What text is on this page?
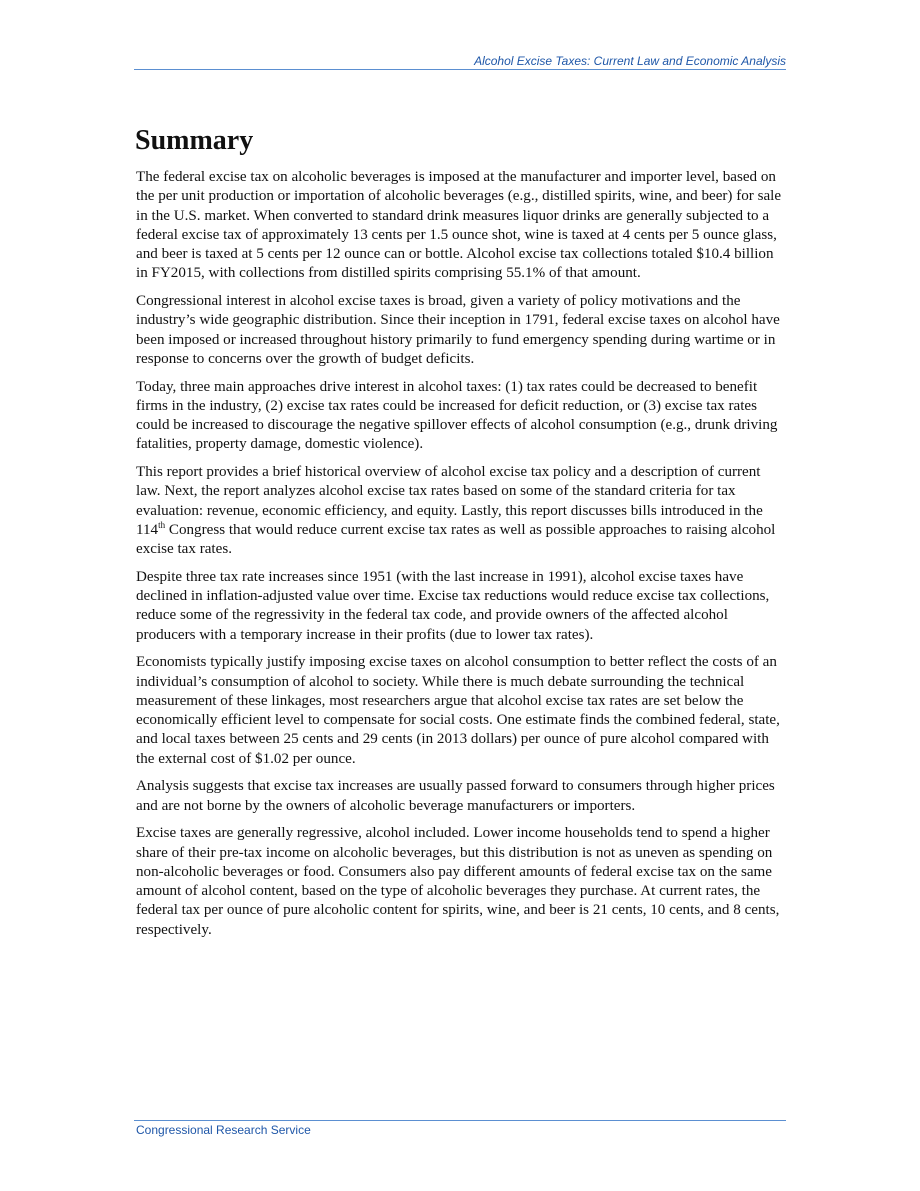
Alcohol Excise Taxes: Current Law and Economic Analysis
Summary

The federal excise tax on alcoholic beverages is imposed at the manufacturer and importer level, based on the per unit production or importation of alcoholic beverages (e.g., distilled spirits, wine, and beer) for sale in the U.S. market. When converted to standard drink measures liquor drinks are generally subjected to a federal excise tax of approximately 13 cents per 1.5 ounce shot, wine is taxed at 4 cents per 5 ounce glass, and beer is taxed at 5 cents per 12 ounce can or bottle. Alcohol excise tax collections totaled $10.4 billion in FY2015, with collections from distilled spirits comprising 55.1% of that amount.

Congressional interest in alcohol excise taxes is broad, given a variety of policy motivations and the industry’s wide geographic distribution. Since their inception in 1791, federal excise taxes on alcohol have been imposed or increased throughout history primarily to fund emergency spending during wartime or in response to concerns over the growth of budget deficits.

Today, three main approaches drive interest in alcohol taxes: (1) tax rates could be decreased to benefit firms in the industry, (2) excise tax rates could be increased for deficit reduction, or (3) excise tax rates could be increased to discourage the negative spillover effects of alcohol consumption (e.g., drunk driving fatalities, property damage, domestic violence).

This report provides a brief historical overview of alcohol excise tax policy and a description of current law. Next, the report analyzes alcohol excise tax rates based on some of the standard criteria for tax evaluation: revenue, economic efficiency, and equity. Lastly, this report discusses bills introduced in the 114th Congress that would reduce current excise tax rates as well as possible approaches to raising alcohol excise tax rates.

Despite three tax rate increases since 1951 (with the last increase in 1991), alcohol excise taxes have declined in inflation-adjusted value over time. Excise tax reductions would reduce excise tax collections, reduce some of the regressivity in the federal tax code, and provide owners of the affected alcohol producers with a temporary increase in their profits (due to lower tax rates).

Economists typically justify imposing excise taxes on alcohol consumption to better reflect the costs of an individual’s consumption of alcohol to society. While there is much debate surrounding the technical measurement of these linkages, most researchers argue that alcohol excise tax rates are set below the economically efficient level to compensate for social costs. One estimate finds the combined federal, state, and local taxes between 25 cents and 29 cents (in 2013 dollars) per ounce of pure alcohol compared with the external cost of $1.02 per ounce.

Analysis suggests that excise tax increases are usually passed forward to consumers through higher prices and are not borne by the owners of alcoholic beverage manufacturers or importers.

Excise taxes are generally regressive, alcohol included. Lower income households tend to spend a higher share of their pre-tax income on alcoholic beverages, but this distribution is not as uneven as spending on non-alcoholic beverages or food. Consumers also pay different amounts of federal excise tax on the same amount of alcohol content, based on the type of alcoholic beverages they purchase. At current rates, the federal tax per ounce of pure alcoholic content for spirits, wine, and beer is 21 cents, 10 cents, and 8 cents, respectively.

Congressional Research Service
